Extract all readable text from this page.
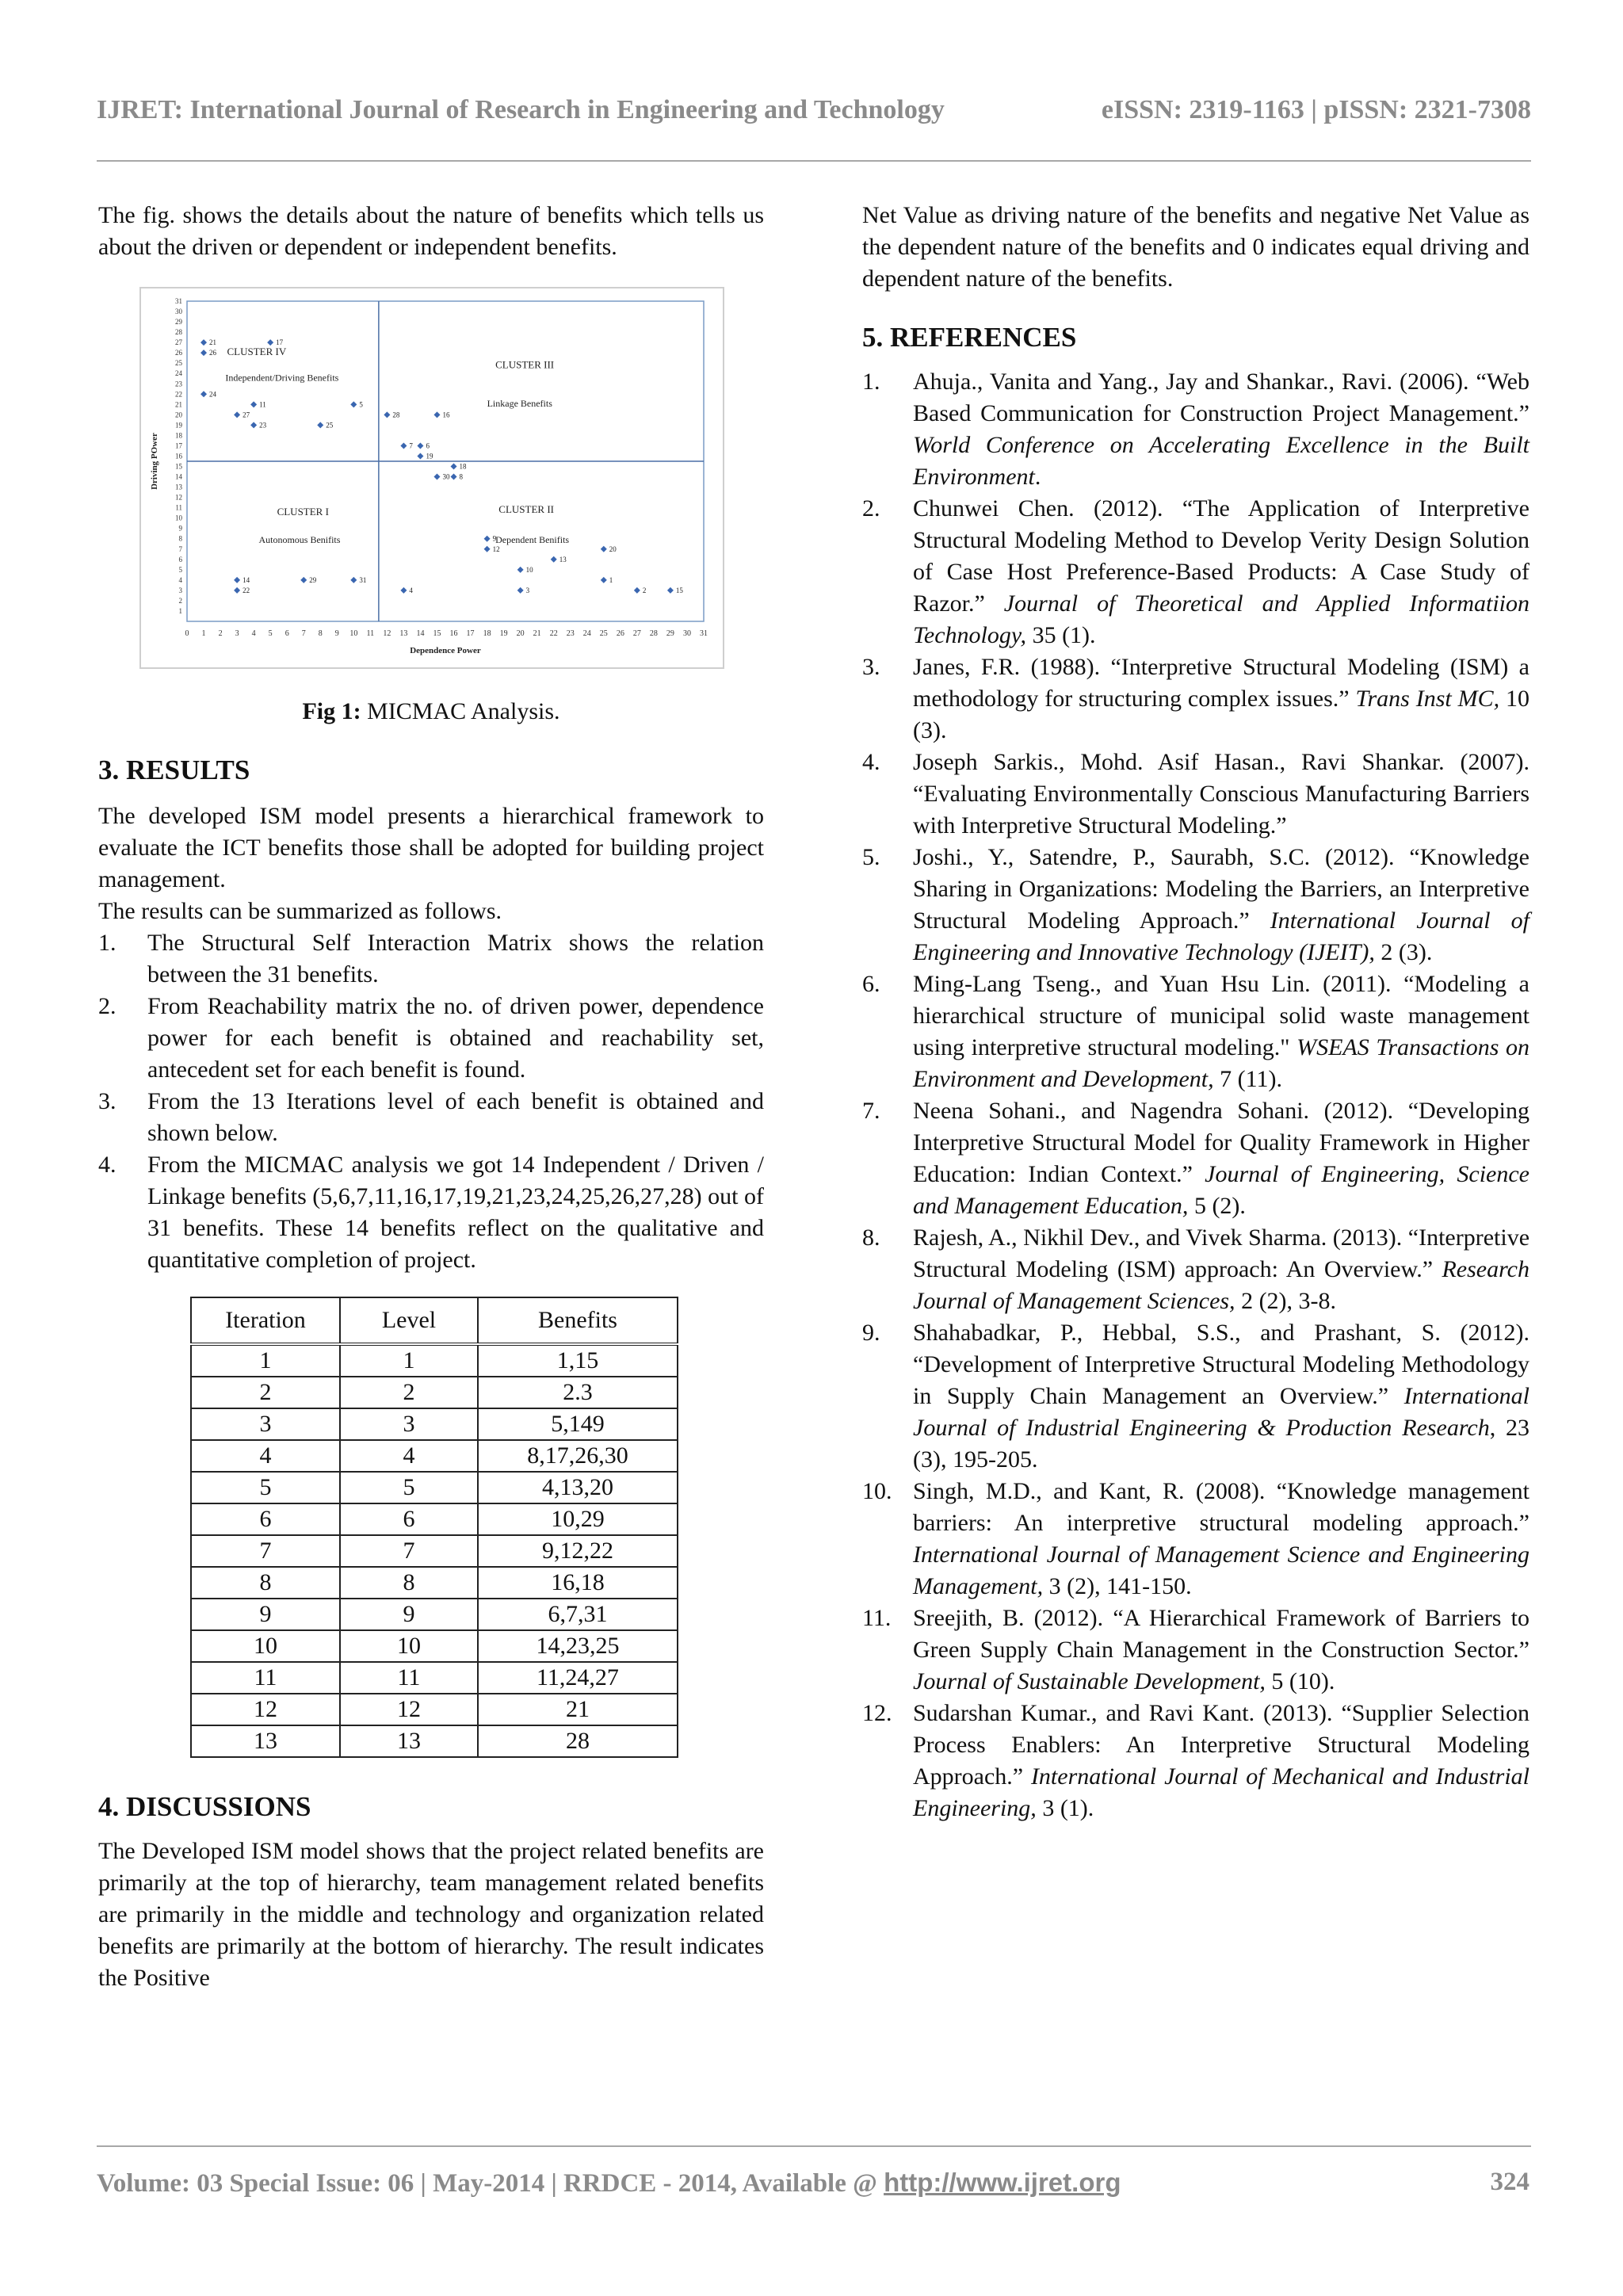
IJRET: International Journal of Research in Engineering and Technology	eISSN: 2319-1163 | pISSN: 2321-7308

The fig. shows the details about the nature of benefits which tells us about the driven or dependent or independent benefits.

0 1 2 3 4 5 6 7 8 9 10 11 12 13 14 15 16 17 18 19 20 21 22 23 24 25 26 27 28 29 30 31
1
2
3
4
5
6
7
8
9
10
11
12
13
14
15
16
17
18
19
20
21
22
23
24
25
26
27
28
29
30
31
Dependence Power
Driving POwer
CLUSTER IV
Independent/Driving Benefits
CLUSTER III
Linkage Benefits
CLUSTER I
Autonomous Benifits
CLUSTER II
Dependent Benifits
21	17
26
24
11	5
27	28	16
23	25
7 6
19
18
30 8
9
12	20
13
10
14	29	31	1
22	4	3	2	15
Fig 1: MICMAC Analysis.
3. RESULTS

The developed ISM model presents a hierarchical framework to evaluate the ICT benefits those shall be adopted for building project management.

The results can be summarized as follows.

1. The Structural Self Interaction Matrix shows the relation between the 31 benefits.
2. From Reachability matrix the no. of driven power, dependence power for each benefit is obtained and reachability set, antecedent set for each benefit is found.
3. From the 13 Iterations level of each benefit is obtained and shown below.
4. From the MICMAC analysis we got 14 Independent / Driven / Linkage benefits (5,6,7,11,16,17,19,21,23,24,25,26,27,28) out of 31 benefits. These 14 benefits reflect on the qualitative and quantitative completion of project.
Iteration	Level	Benefits
1	1	1,15
2	2	2.3
3	3	5,149
4	4	8,17,26,30
5	5	4,13,20
6	6	10,29
7	7	9,12,22
8	8	16,18
9	9	6,7,31
10	10	14,23,25
11	11	11,24,27
12	12	21
13	13	28
4. DISCUSSIONS

The Developed ISM model shows that the project related benefits are primarily at the top of hierarchy, team management related benefits are primarily in the middle and technology and organization related benefits are primarily at the bottom of hierarchy. The result indicates the Positive

Net Value as driving nature of the benefits and negative Net Value as the dependent nature of the benefits and 0 indicates equal driving and dependent nature of the benefits.

5. REFERENCES
1. Ahuja., Vanita and Yang., Jay and Shankar., Ravi. (2006). “Web Based Communication for Construction Project Management.” World Conference on Accelerating Excellence in the Built Environment.
2. Chunwei Chen. (2012). “The Application of Interpretive Structural Modeling Method to Develop Verity Design Solution of Case Host Preference-Based Products: A Case Study of Razor.” Journal of Theoretical and Applied Informatiion Technology, 35 (1).
3. Janes, F.R. (1988). “Interpretive Structural Modeling (ISM) a methodology for structuring complex issues.” Trans Inst MC, 10 (3).
4. Joseph Sarkis., Mohd. Asif Hasan., Ravi Shankar. (2007). “Evaluating Environmentally Conscious Manufacturing Barriers with Interpretive Structural Modeling.”
5. Joshi., Y., Satendre, P., Saurabh, S.C. (2012). “Knowledge Sharing in Organizations: Modeling the Barriers, an Interpretive Structural Modeling Approach.” International Journal of Engineering and Innovative Technology (IJEIT), 2 (3).
6. Ming-Lang Tseng., and Yuan Hsu Lin. (2011). “Modeling a hierarchical structure of municipal solid waste management using interpretive structural modeling." WSEAS Transactions on Environment and Development, 7 (11).
7. Neena Sohani., and Nagendra Sohani. (2012). “Developing Interpretive Structural Model for Quality Framework in Higher Education: Indian Context.” Journal of Engineering, Science and Management Education, 5 (2).
8. Rajesh, A., Nikhil Dev., and Vivek Sharma. (2013). “Interpretive Structural Modeling (ISM) approach: An Overview.” Research Journal of Management Sciences, 2 (2), 3-8.
9. Shahabadkar, P., Hebbal, S.S., and Prashant, S. (2012). “Development of Interpretive Structural Modeling Methodology in Supply Chain Management an Overview.” International Journal of Industrial Engineering & Production Research, 23 (3), 195-205.
10. Singh, M.D., and Kant, R. (2008). “Knowledge management barriers: An interpretive structural modeling approach.” International Journal of Management Science and Engineering Management, 3 (2), 141-150.
11. Sreejith, B. (2012). “A Hierarchical Framework of Barriers to Green Supply Chain Management in the Construction Sector.” Journal of Sustainable Development, 5 (10).
12. Sudarshan Kumar., and Ravi Kant. (2013). “Supplier Selection Process Enablers: An Interpretive Structural Modeling Approach.” International Journal of Mechanical and Industrial Engineering, 3 (1).
Volume: 03 Special Issue: 06 | May-2014 | RRDCE - 2014, Available @ http://www.ijret.org	324
